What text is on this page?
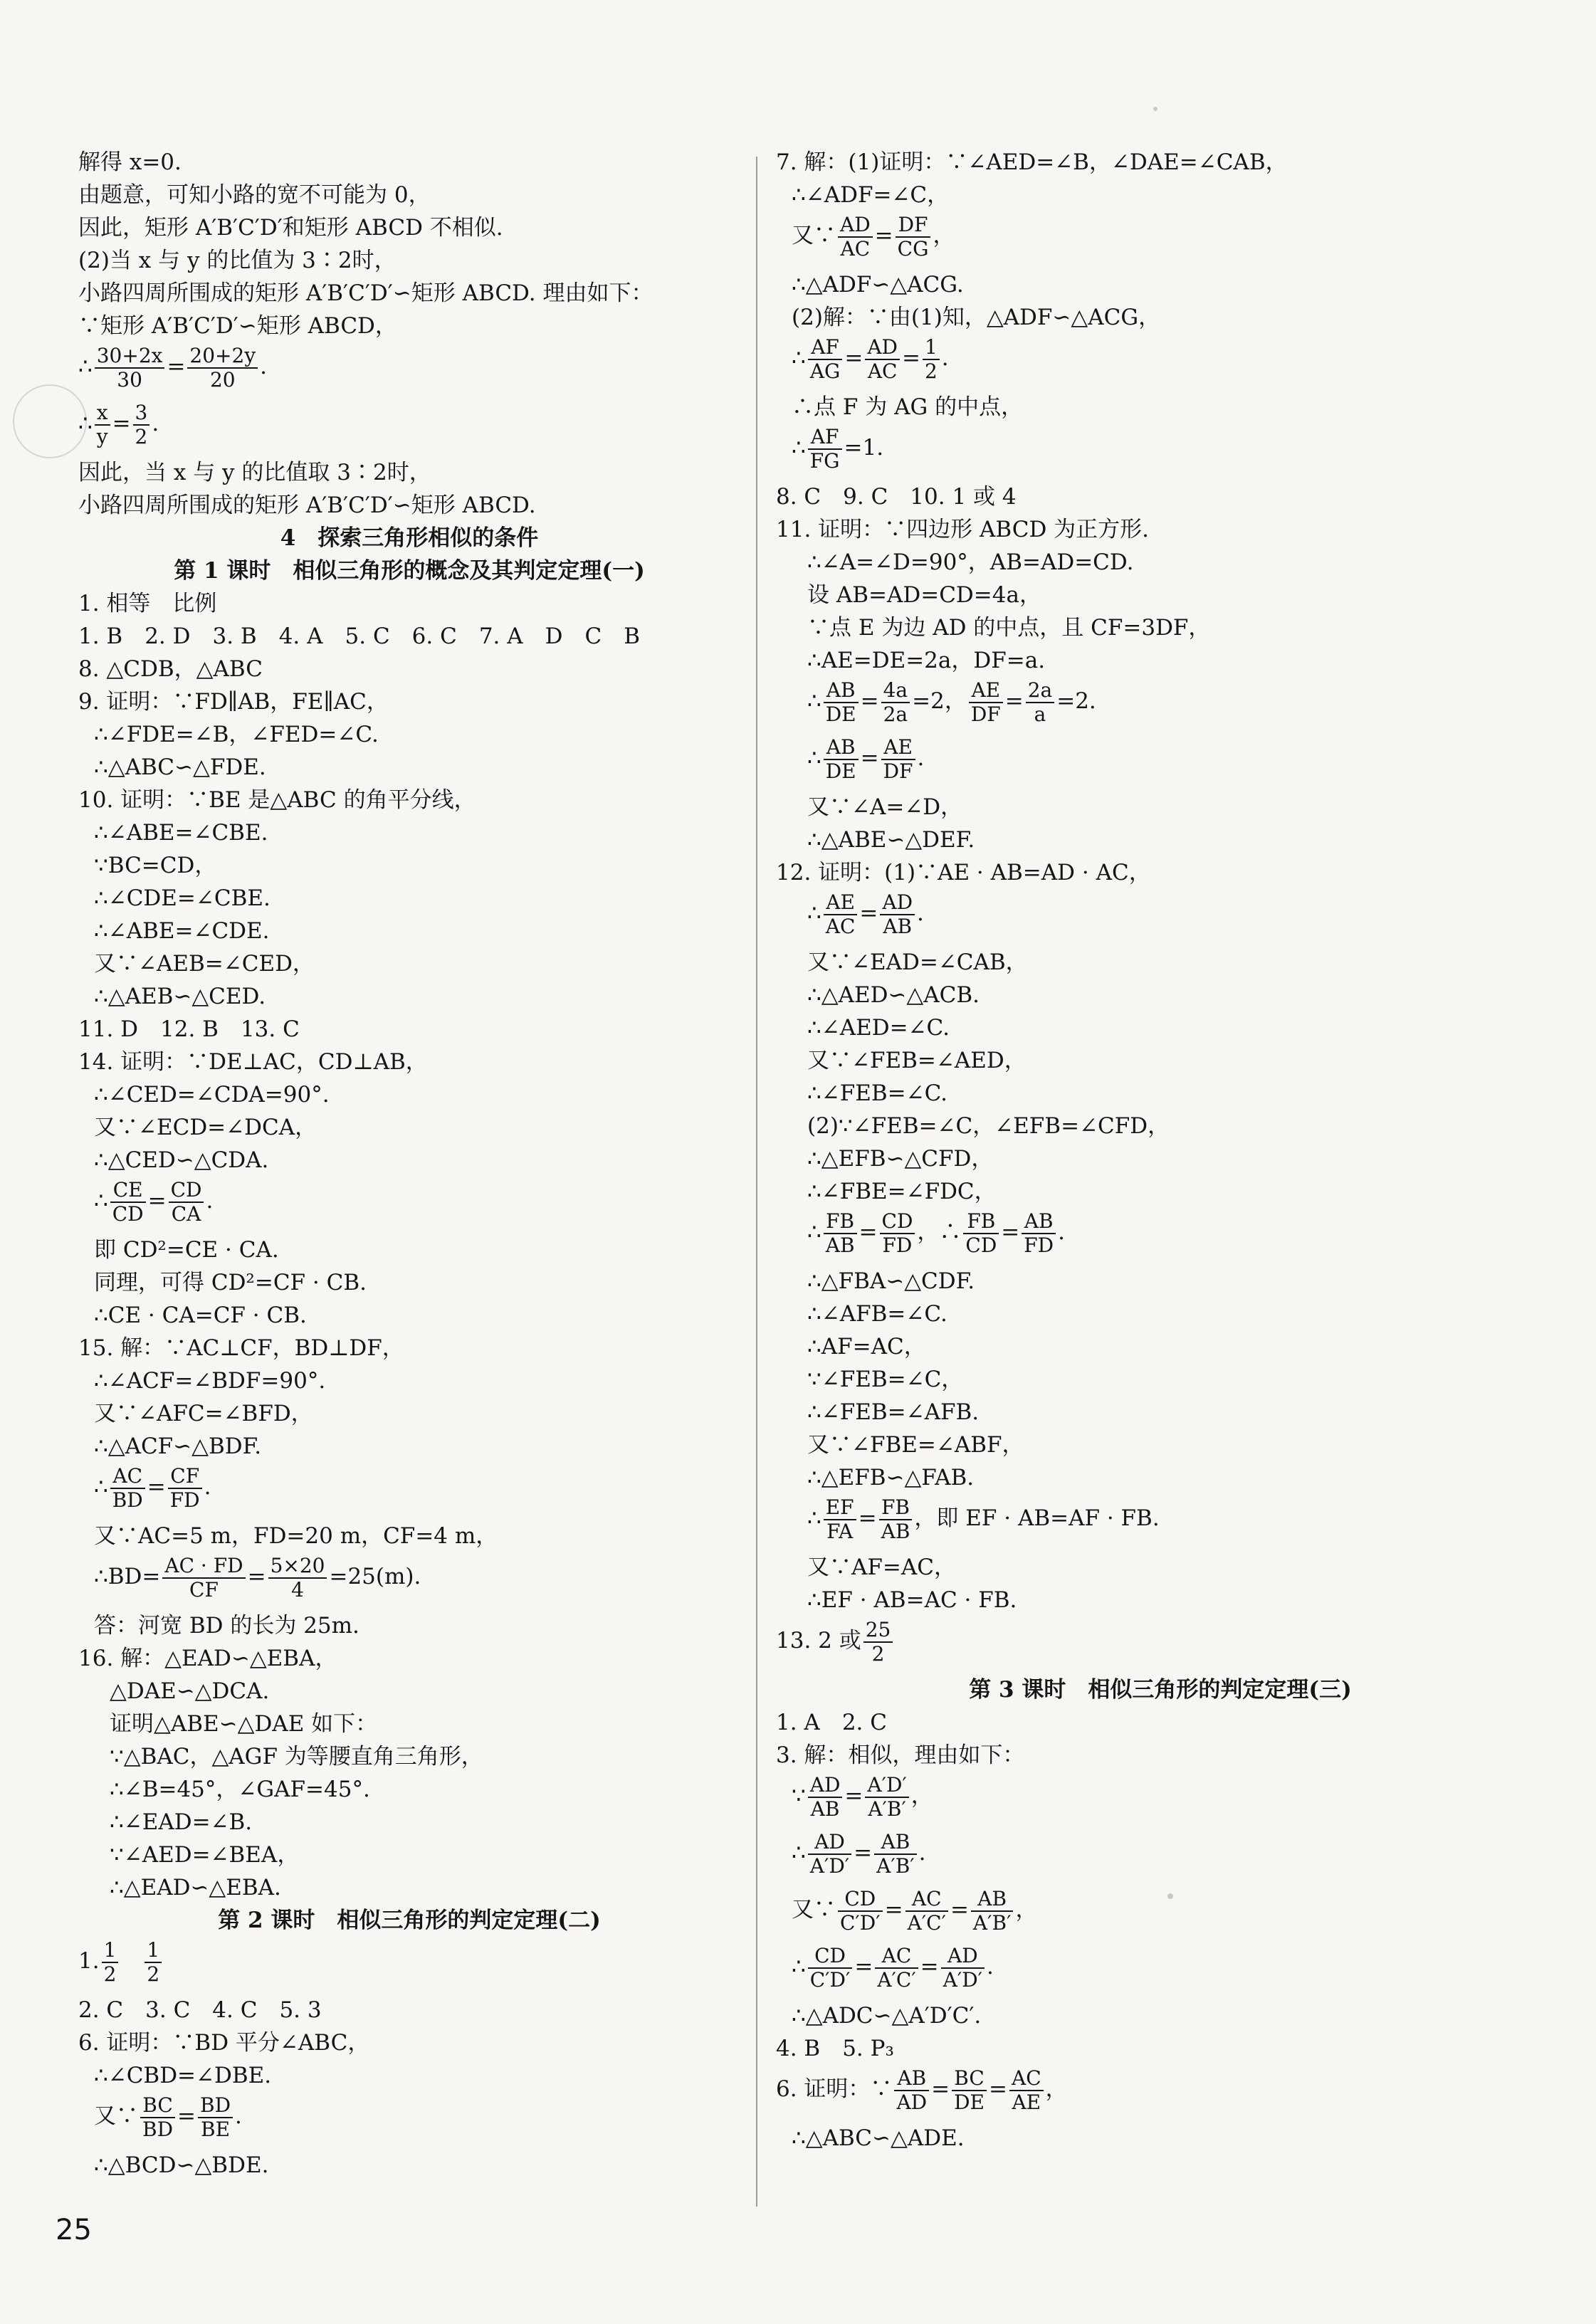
解得 x=0.
由题意，可知小路的宽不可能为 0，
因此，矩形 A′B′C′D′和矩形 ABCD 不相似.
(2)当 x 与 y 的比值为 3∶2时，
小路四周所围成的矩形 A′B′C′D′∽矩形 ABCD. 理由如下：
∵矩形 A′B′C′D′∽矩形 ABCD，
∴ $\frac{30+2x}{30} = \frac{20+2y}{20}$ .
∴ $\frac{x}{y} = \frac{3}{2}$ .
因此，当 x 与 y 的比值取 3∶2时，
小路四周所围成的矩形 A′B′C′D′∽矩形 ABCD.
4　探索三角形相似的条件
第 1 课时　相似三角形的概念及其判定定理(一)
1. 相等　比例
1. B　2. D　3. B　4. A　5. C　6. C　7. A　D　C　B
8. △CDB，△ABC
9. 证明：∵FD∥AB，FE∥AC，
∴∠FDE=∠B，∠FED=∠C.
∴△ABC∽△FDE.
10. 证明：∵BE 是△ABC 的角平分线，
∴∠ABE=∠CBE.
∵BC=CD，
∴∠CDE=∠CBE.
∴∠ABE=∠CDE.
又∵∠AEB=∠CED，
∴△AEB∽△CED.
11. D　12. B　13. C
14. 证明：∵DE⊥AC，CD⊥AB，
∴∠CED=∠CDA=90°.
又∵∠ECD=∠DCA，
∴△CED∽△CDA.
∴ $\frac{CE}{CD} = \frac{CD}{CA}$ .
即 CD²=CE · CA.
同理，可得 CD²=CF · CB.
∴CE · CA=CF · CB.
15. 解：∵AC⊥CF，BD⊥DF，
∴∠ACF=∠BDF=90°.
又∵∠AFC=∠BFD，
∴△ACF∽△BDF.
∴ $\frac{AC}{BD} = \frac{CF}{FD}$ .
又∵AC=5 m，FD=20 m，CF=4 m，
∴BD= $\frac{AC \cdot FD}{CF} = \frac{5\times 20}{4} =25(m)$.
答：河宽 BD 的长为 25m.
16. 解：△EAD∽△EBA，
△DAE∽△DCA.
证明△ABE∽△DAE 如下：
∵△BAC，△AGF 为等腰直角三角形，
∴∠B=45°，∠GAF=45°.
∴∠EAD=∠B.
∵∠AED=∠BEA，
∴△EAD∽△EBA.
第 2 课时　相似三角形的判定定理(二)
1. $\frac{1}{2}$
　 $\frac{1}{2}$
2. C　3. C　4. C　5. 3
6. 证明：∵BD 平分∠ABC，
∴∠CBD=∠DBE.
又∵ $\frac{BC}{BD} = \frac{BD}{BE}$ .
∴△BCD∽△BDE.
7. 解：(1)证明：∵∠AED=∠B，∠DAE=∠CAB，
∴∠ADF=∠C，
又∵ $\frac{AD}{AC} = \frac{DF}{CG}$ ，
∴△ADF∽△ACG.
(2)解：∵由(1)知，△ADF∽△ACG，
∴ $\frac{AF}{AG} = \frac{AD}{AC} = \frac{1}{2}$ .
∴点 F 为 AG 的中点，
∴ $\frac{AF}{FG} =1$.
8. C　9. C　10. 1 或 4
11. 证明：∵四边形 ABCD 为正方形.
∴∠A=∠D=90°，AB=AD=CD.
设 AB=AD=CD=4a，
∵点 E 为边 AD 的中点，且 CF=3DF，
∴AE=DE=2a，DF=a.
∴ $\frac{AB}{DE} = \frac{4a}{2a} =2$， $\frac{AE}{DF} = \frac{2a}{a} =2$.
∴ $\frac{AB}{DE} = \frac{AE}{DF}$ .
又∵∠A=∠D，
∴△ABE∽△DEF.
12. 证明：(1)∵AE · AB=AD · AC，
∴ $\frac{AE}{AC} = \frac{AD}{AB}$ .
又∵∠EAD=∠CAB，
∴△AED∽△ACB.
∴∠AED=∠C.
又∵∠FEB=∠AED，
∴∠FEB=∠C.
(2)∵∠FEB=∠C，∠EFB=∠CFD，
∴△EFB∽△CFD，
∴∠FBE=∠FDC，
∴ $\frac{FB}{AB} = \frac{CD}{FD}$ ，∴ $\frac{FB}{CD} = \frac{AB}{FD}$ .
∴△FBA∽△CDF.
∴∠AFB=∠C.
∴AF=AC，
∵∠FEB=∠C，
∴∠FEB=∠AFB.
又∵∠FBE=∠ABF，
∴△EFB∽△FAB.
∴ $\frac{EF}{FA} = \frac{FB}{AB}$ ，即 EF · AB=AF · FB.
又∵AF=AC，
∴EF · AB=AC · FB.
13. 2 或 $\frac{25}{2}$
第 3 课时　相似三角形的判定定理(三)
1. A　2. C
3. 解：相似，理由如下：
∵ $\frac{AD}{AB} = \frac{A'D'}{A'B'}$ ，
∴ $\frac{AD}{A'D'} = \frac{AB}{A'B'}$ .
又∵ $\frac{CD}{C'D'} = \frac{AC}{A'C'} = \frac{AB}{A'B'}$ ，
∴ $\frac{CD}{C'D'} = \frac{AC}{A'C'} = \frac{AD}{A'D'}$ .
∴△ADC∽△A′D′C′.
4. B　5. P₃
6. 证明：∵ $\frac{AB}{AD} = \frac{BC}{DE} = \frac{AC}{AE}$ ，
∴△ABC∽△ADE.
25
